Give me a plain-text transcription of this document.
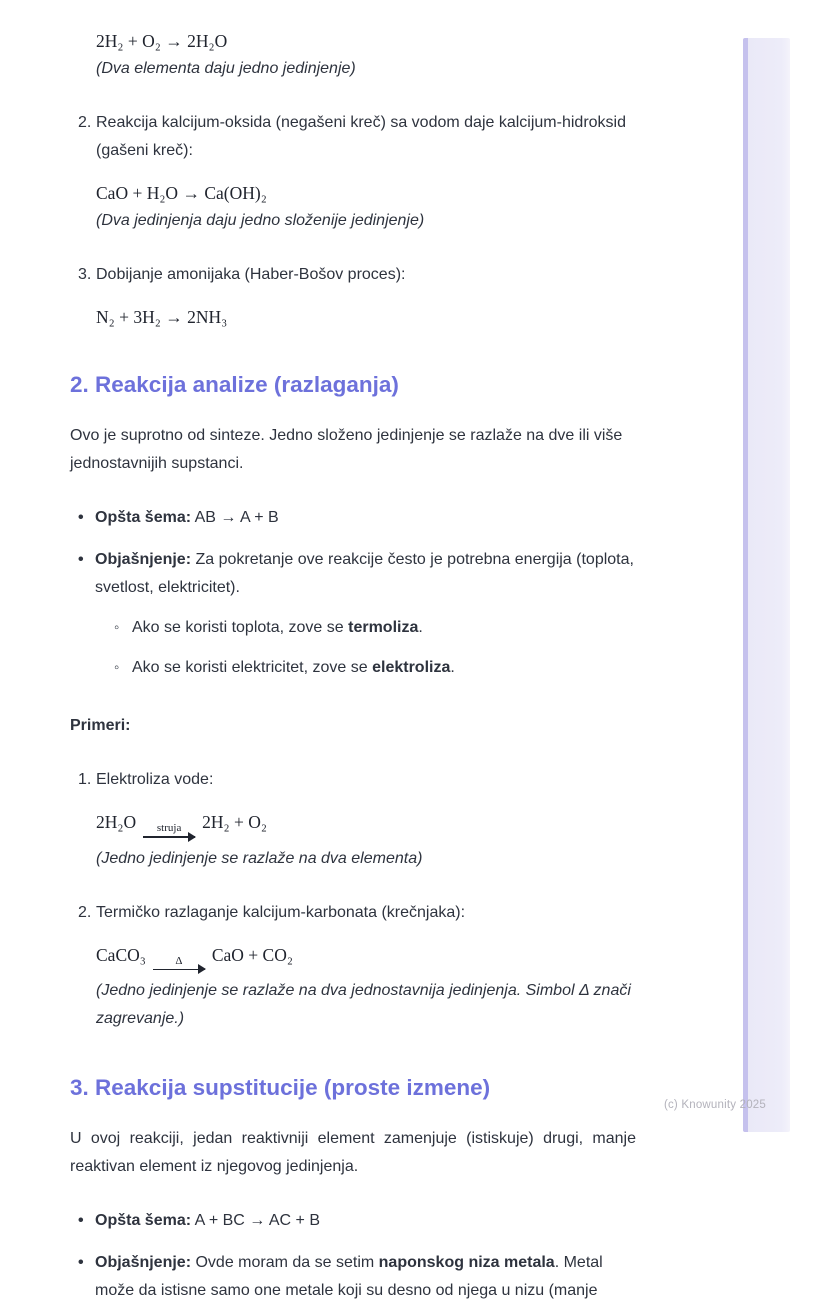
2H₂ + O₂ → 2H₂O
(Dva elementa daju jedno jedinjenje)
2. Reakcija kalcijum-oksida (negašeni kreč) sa vodom daje kalcijum-hidroksid (gašeni kreč):

CaO + H₂O → Ca(OH)₂
(Dva jedinjenja daju jedno složenije jedinjenje)
3. Dobijanje amonijaka (Haber-Bošov proces):

N₂ + 3H₂ → 2NH₃
2. Reakcija analize (razlaganja)

Ovo je suprotno od sinteze. Jedno složeno jedinjenje se razlaže na dve ili više jednostavnijih supstanci.

•
Opšta šema: AB → A + B
•
Objašnjenje: Za pokretanje ove reakcije često je potrebna energija (toplota, svetlost, elektricitet).
◦
Ako se koristi toplota, zove se termoliza.
◦
Ako se koristi elektricitet, zove se elektroliza.

Primeri:

1. Elektroliza vode:

2H₂O struja 2H₂ + O₂
(Jedno jedinjenje se razlaže na dva elementa)
2. Termičko razlaganje kalcijum-karbonata (krečnjaka):

CaCO₃	Δ CaO + CO₂
(Jedno jedinjenje se razlaže na dva jednostavnija jedinjenja. Simbol Δ znači zagrevanje.)
3. Reakcija supstitucije (proste izmene)

U ovoj reakciji, jedan reaktivniji element zamenjuje (istiskuje) drugi, manje reaktivan element iz njegovog jedinjenja.

•
Opšta šema: A + BC → AC + B
•
Objašnjenje: Ovde moram da se setim naponskog niza metala. Metal može da istisne samo one metale koji su desno od njega u nizu (manje
(c) Knowunity 2025
